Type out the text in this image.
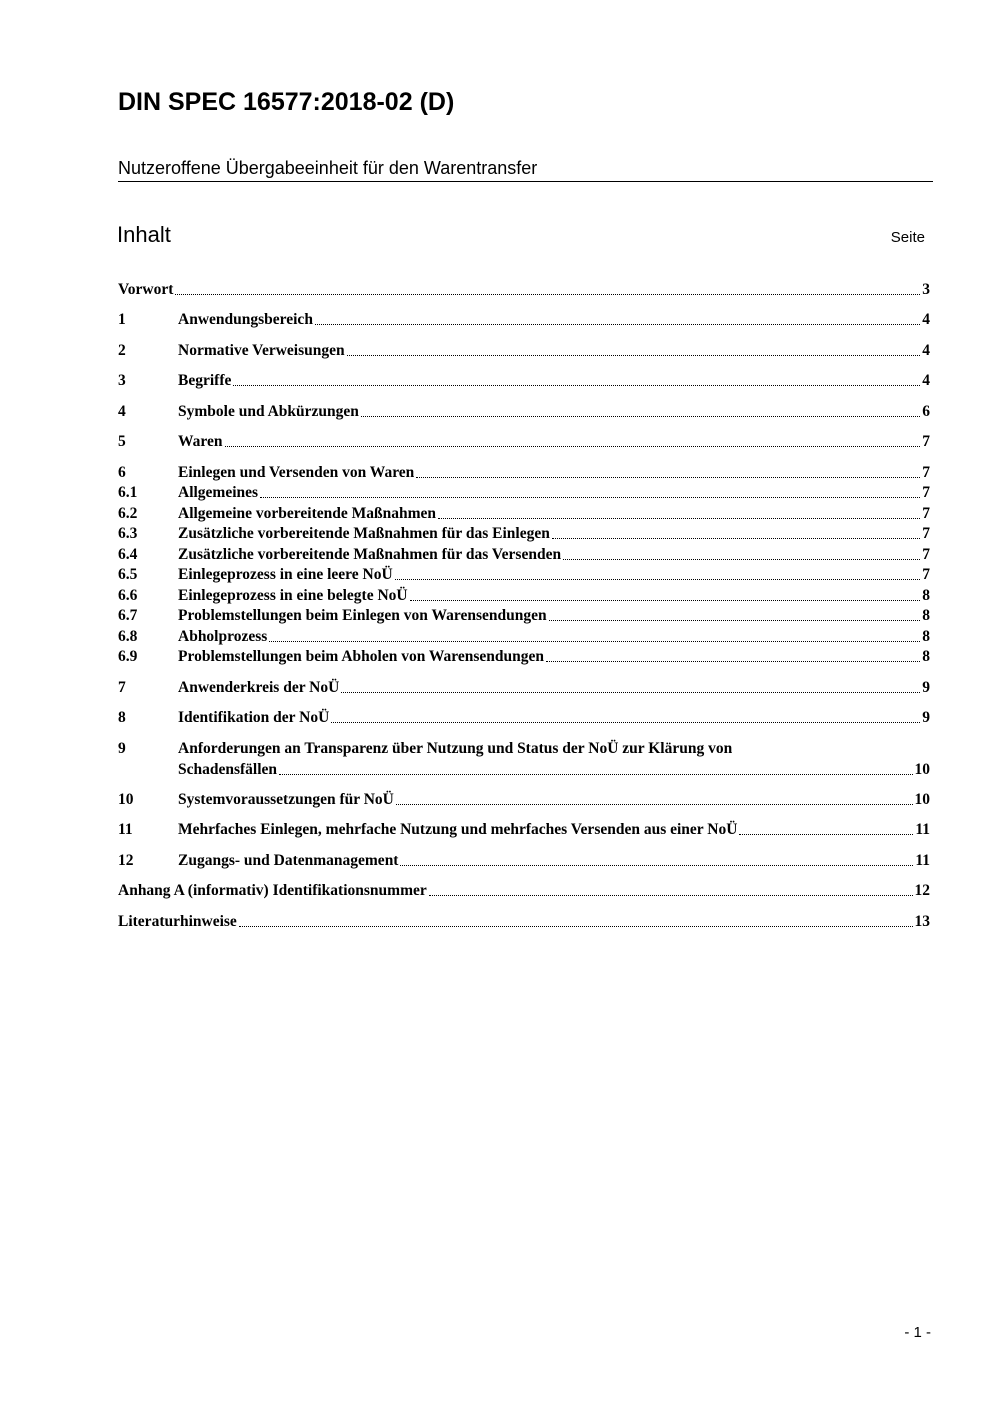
DIN SPEC 16577:2018-02 (D)
Nutzeroffene Übergabeeinheit für den Warentransfer
Inhalt	Seite
Vorwort	3
1	Anwendungsbereich	4
2	Normative Verweisungen	4
3	Begriffe	4
4	Symbole und Abkürzungen	6
5	Waren	7
6	Einlegen und Versenden von Waren	7
6.1	Allgemeines	7
6.2	Allgemeine vorbereitende Maßnahmen	7
6.3	Zusätzliche vorbereitende Maßnahmen für das Einlegen	7
6.4	Zusätzliche vorbereitende Maßnahmen für das Versenden	7
6.5	Einlegeprozess in eine leere NoÜ	7
6.6	Einlegeprozess in eine belegte NoÜ	8
6.7	Problemstellungen beim Einlegen von Warensendungen	8
6.8	Abholprozess	8
6.9	Problemstellungen beim Abholen von Warensendungen	8
7	Anwenderkreis der NoÜ	9
8	Identifikation der NoÜ	9
9	Anforderungen an Transparenz über Nutzung und Status der NoÜ zur Klärung von
Schadensfällen	10
10	Systemvoraussetzungen für NoÜ	10
11	Mehrfaches Einlegen, mehrfache Nutzung und mehrfaches Versenden aus einer NoÜ	11
12	Zugangs- und Datenmanagement	11
Anhang A (informativ) Identifikationsnummer	12
Literaturhinweise	13
- 1 -
